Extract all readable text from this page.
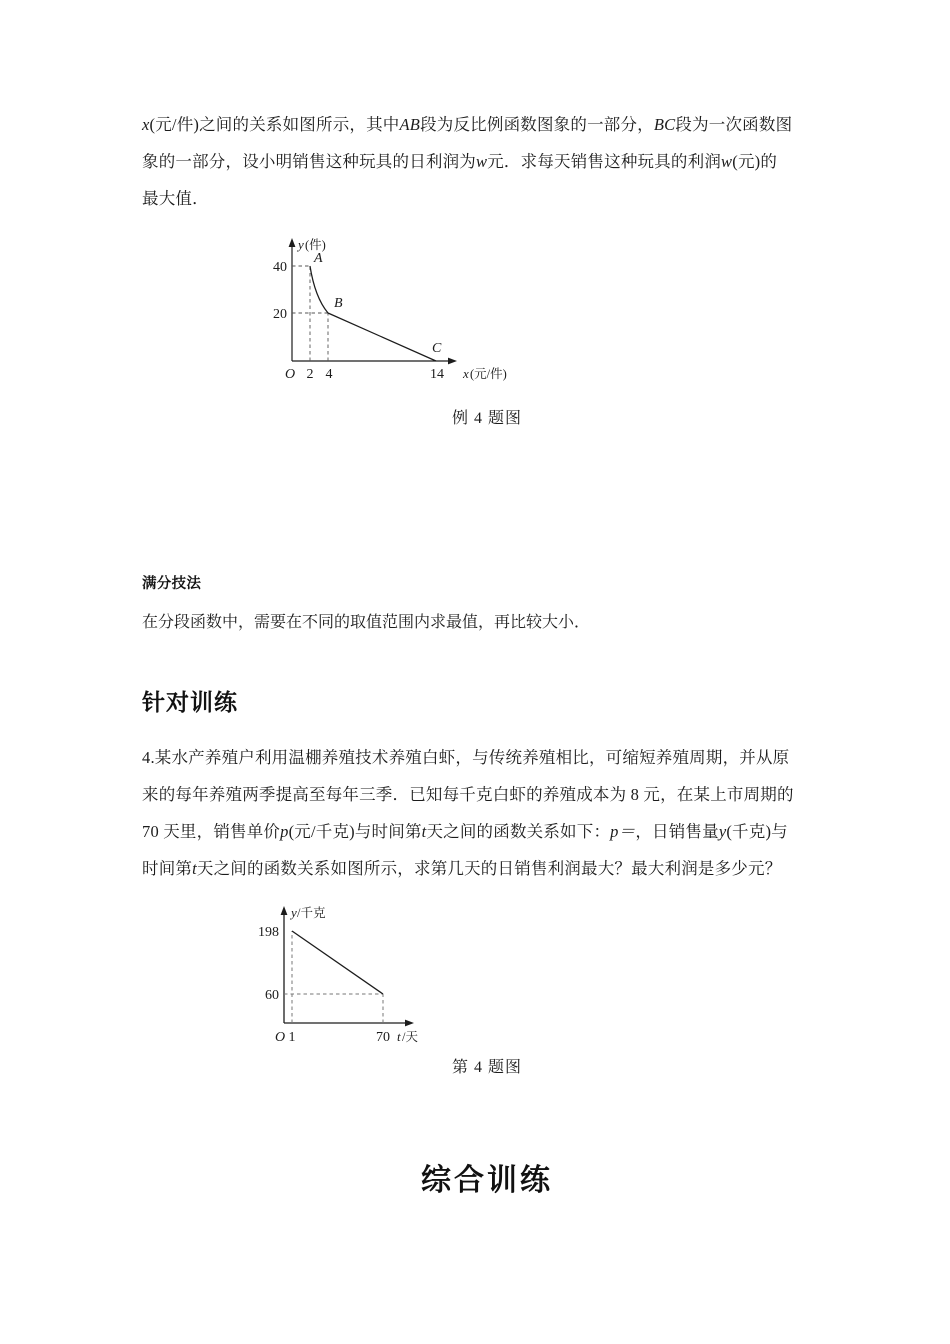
x(元/件)之间的关系如图所示，其中AB段为反比例函数图象的一部分，BC段为一次函数图
象的一部分，设小明销售这种玩具的日利润为w元．求每天销售这种玩具的利润w(元)的
最大值．

40
20
O 2 4	14
A
B
C
y (件)
x (元/件)
例 4 题图
满分技法
在分段函数中，需要在不同的取值范围内求最值，再比较大小．
针对训练

4.某水产养殖户利用温棚养殖技术养殖白虾，与传统养殖相比，可缩短养殖周期，并从原
来的每年养殖两季提高至每年三季．已知每千克白虾的养殖成本为 8 元，在某上市周期的
70 天里，销售单价p(元/千克)与时间第t天之间的函数关系如下：p＝，日销售量y(千克)与
时间第t天之间的函数关系如图所示，求第几天的日销售利润最大？最大利润是多少元？

198
60
O 1	70
y /千克
t /天
第 4 题图
综合训练
